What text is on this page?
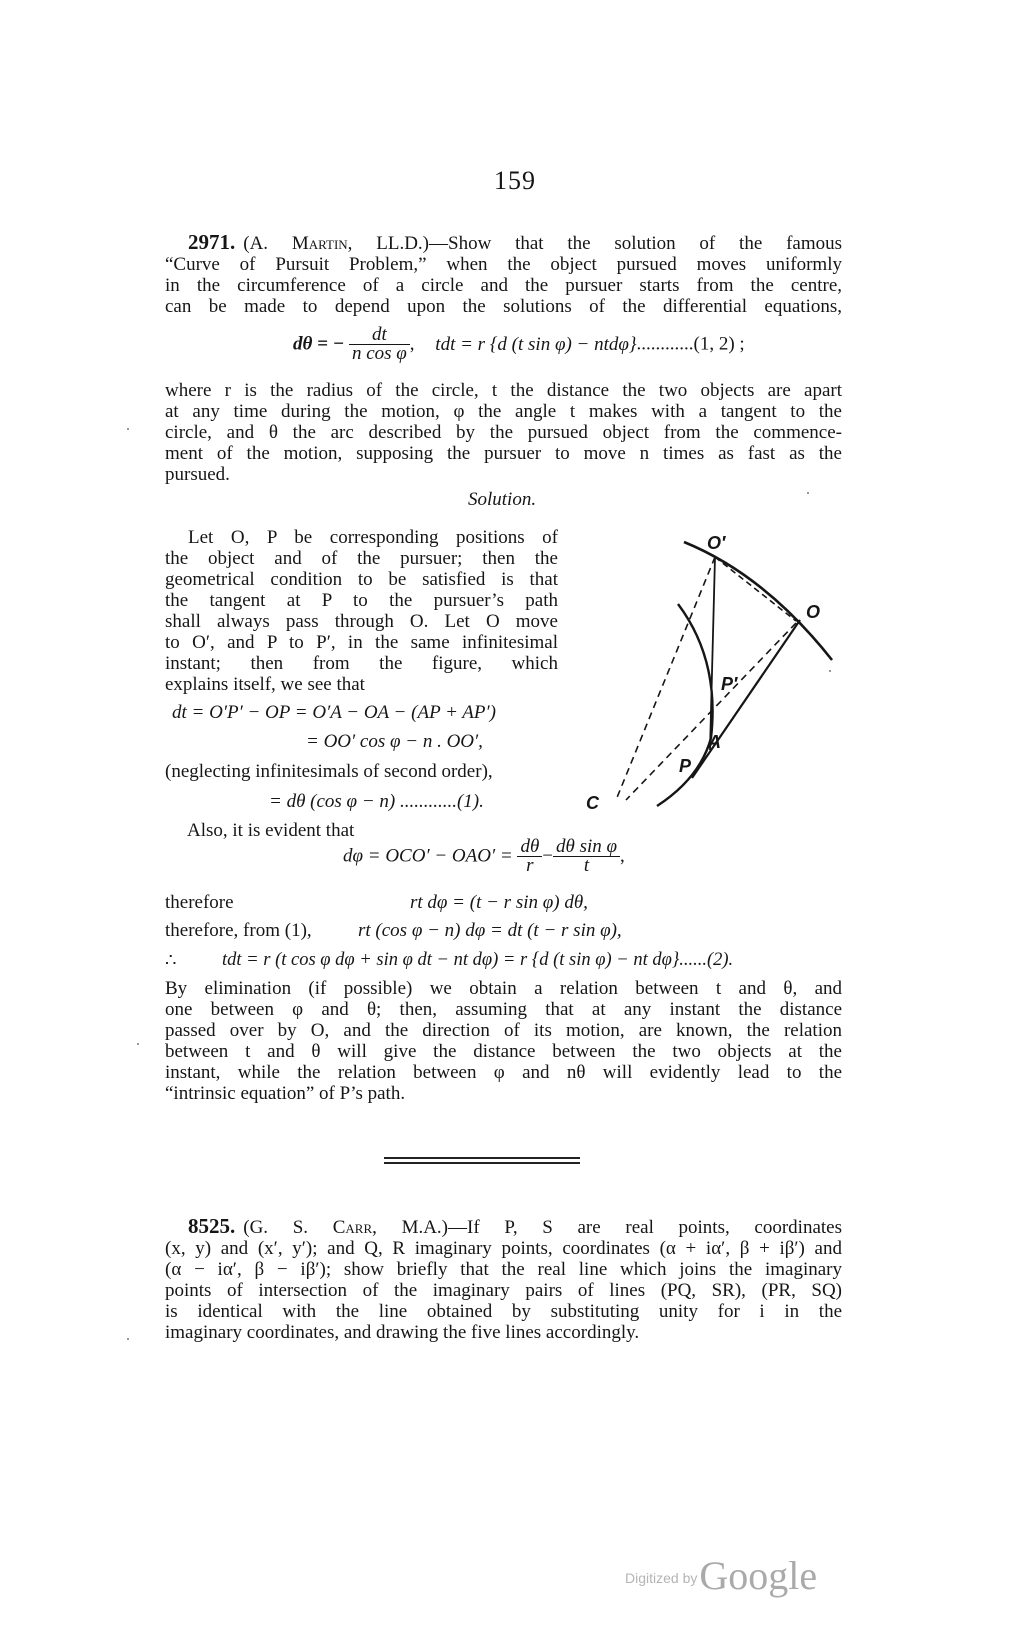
159
2971. (A. Martin, LL.D.)—Show that the solution of the famous
“Curve of Pursuit Problem,” when the object pursued moves uniformly
in the circumference of a circle and the pursuer starts from the centre,
can be made to depend upon the solutions of the differential equations,
dθ = − $\frac{dt}{\text{n cos φ}}$ , tdt = r {d (t sin φ) − ntdφ}............(1, 2) ;
where r is the radius of the circle, t the distance the two objects are apart
at any time during the motion, φ the angle t makes with a tangent to the
circle, and θ the arc described by the pursued object from the commence-
ment of the motion, supposing the pursuer to move n times as fast as the
pursued.
Solution.
Let O, P be corresponding positions of
the object and of the pursuer; then the
geometrical condition to be satisfied is that
the tangent at P to the pursuer’s path
shall always pass through O. Let O move
to O′, and P to P′, in the same infinitesimal
instant; then from the figure, which
explains itself, we see that
dt = O′P′ − OP = O′A − OA − (AP + AP′)
= OO′ cos φ − n . OO′,
(neglecting infinitesimals of second order),
= dθ (cos φ − n) ............(1).
Also, it is evident that
$d\varphi = OCO' - OAO' = \frac{d\theta}{r} - \frac{\text{dθ sin φ}}{t}$ ,
therefore	rt dφ = (t − r sin φ) dθ,
therefore, from (1), rt (cos φ − n) dφ = dt (t − r sin φ),
∴ tdt = r (t cos φ dφ + sin φ dt − nt dφ) = r {d (t sin φ) − nt dφ}......(2).
By elimination (if possible) we obtain a relation between t and θ, and
one between φ and θ; then, assuming that at any instant the distance
passed over by O, and the direction of its motion, are known, the relation
between t and θ will give the distance between the two objects at the
instant, while the relation between φ and nθ will evidently lead to the
“intrinsic equation” of P’s path.
O′
O
P′
A
P
C
8525. (G. S. Carr, M.A.)—If P, S are real points, coordinates
(x, y) and (x′, y′); and Q, R imaginary points, coordinates (α + iα′, β + iβ′) and
(α − iα′, β − iβ′); show briefly that the real line which joins the imaginary
points of intersection of the imaginary pairs of lines (PQ, SR), (PR, SQ)
is identical with the line obtained by substituting unity for i in the
imaginary coordinates, and drawing the five lines accordingly.
Digitized byGoogle
